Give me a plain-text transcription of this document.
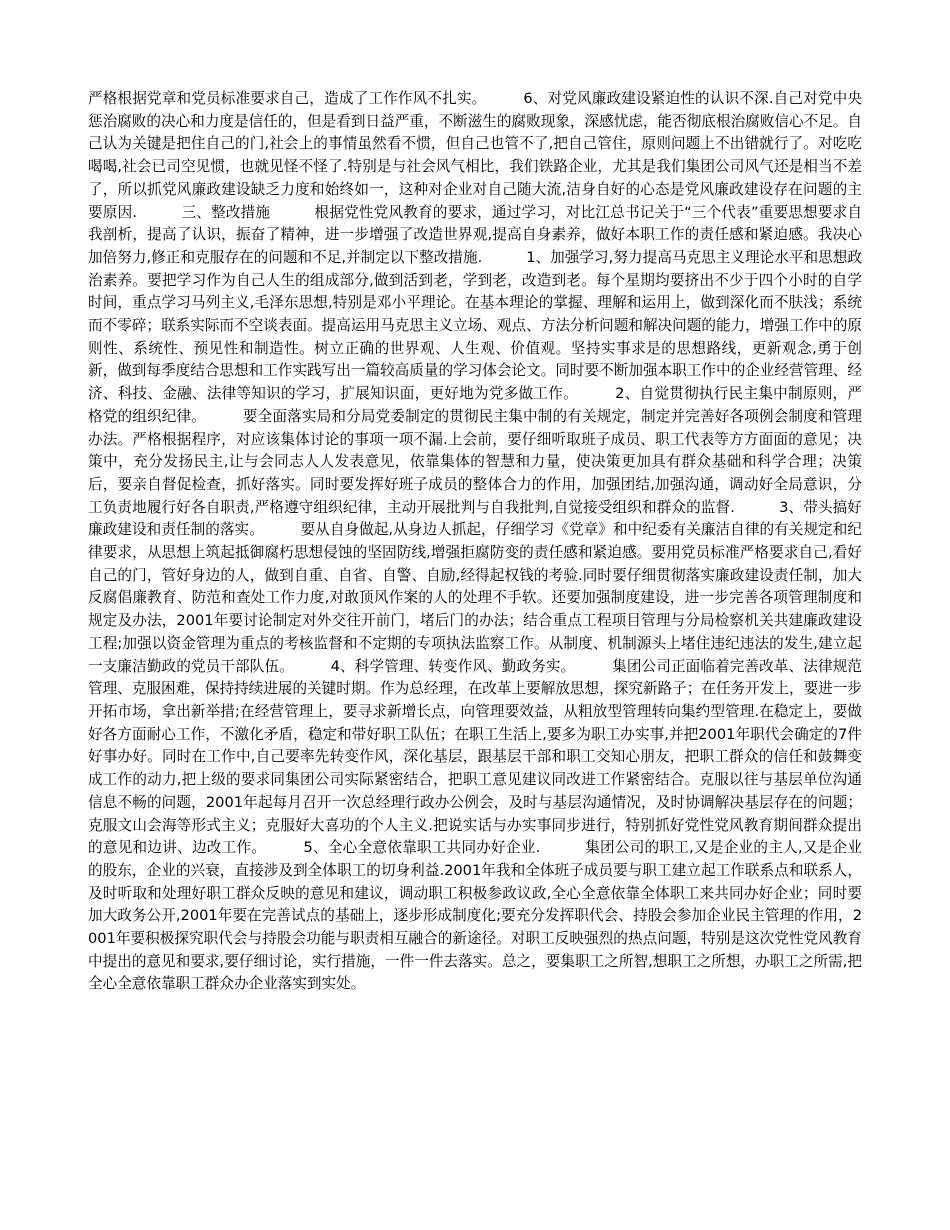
严格根据党章和党员标准要求自己，造成了工作作风不扎实。　　　6、对党风廉政建设紧迫性的认识不深.自己对党中央惩治腐败的决心和力度是信任的，但是看到日益严重，不断滋生的腐败现象，深感忧虑，能否彻底根治腐败信心不足。自己认为关键是把住自己的门,社会上的事情虽然看不惯，但自己也管不了,把自己管住，原则问题上不出错就行了。对吃吃喝喝,社会已司空见惯，也就见怪不怪了.特别是与社会风气相比，我们铁路企业，尤其是我们集团公司风气还是相当不差了，所以抓党风廉政建设缺乏力度和始终如一，这种对企业对自己随大流,洁身自好的心态是党风廉政建设存在问题的主要原因.　　　三、整改措施　　　根据党性党风教育的要求，通过学习，对比江总书记关于“三个代表”重要思想要求自我剖析，提高了认识，振奋了精神，进一步增强了改造世界观,提高自身素养，做好本职工作的责任感和紧迫感。我决心加倍努力,修正和克服存在的问题和不足,并制定以下整改措施.　　　1、加强学习,努力提高马克思主义理论水平和思想政治素养。要把学习作为自己人生的组成部分,做到活到老，学到老，改造到老。每个星期均要挤出不少于四个小时的自学时间，重点学习马列主义,毛泽东思想,特别是邓小平理论。在基本理论的掌握、理解和运用上，做到深化而不肤浅；系统而不零碎；联系实际而不空谈表面。提高运用马克思主义立场、观点、方法分析问题和解决问题的能力，增强工作中的原则性、系统性、预见性和制造性。树立正确的世界观、人生观、价值观。坚持实事求是的思想路线，更新观念,勇于创新，做到每季度结合思想和工作实践写出一篇较高质量的学习体会论文。同时要不断加强本职工作中的企业经营管理、经济、科技、金融、法律等知识的学习，扩展知识面，更好地为党多做工作。　　　2、自觉贯彻执行民主集中制原则，严格党的组织纪律。　　　要全面落实局和分局党委制定的贯彻民主集中制的有关规定，制定并完善好各项例会制度和管理办法。严格根据程序，对应该集体讨论的事项一项不漏.上会前，要仔细听取班子成员、职工代表等方方面面的意见；决策中，充分发扬民主,让与会同志人人发表意见，依靠集体的智慧和力量，使决策更加具有群众基础和科学合理；决策后，要亲自督促检查，抓好落实。同时要发挥好班子成员的整体合力的作用，加强团结,加强沟通，调动好全局意识，分工负责地履行好各自职责,严格遵守组织纪律，主动开展批判与自我批判,自觉接受组织和群众的监督.　　　3、带头搞好廉政建设和责任制的落实。　　　要从自身做起,从身边人抓起，仔细学习《党章》和中纪委有关廉洁自律的有关规定和纪律要求，从思想上筑起抵御腐朽思想侵蚀的坚固防线,增强拒腐防变的责任感和紧迫感。要用党员标准严格要求自己,看好自己的门，管好身边的人，做到自重、自省、自警、自励,经得起权钱的考验.同时要仔细贯彻落实廉政建设责任制，加大反腐倡廉教育、防范和查处工作力度,对敢顶风作案的人的处理不手软。还要加强制度建设，进一步完善各项管理制度和规定及办法，2001年要讨论制定对外交往开前门，堵后门的办法；结合重点工程项目管理与分局检察机关共建廉政建设工程;加强以资金管理为重点的考核监督和不定期的专项执法监察工作。从制度、机制源头上堵住违纪违法的发生,建立起一支廉洁勤政的党员干部队伍。　　　4、科学管理、转变作风、勤政务实。　　　集团公司正面临着完善改革、法律规范管理、克服困难，保持持续进展的关键时期。作为总经理，在改革上要解放思想，探究新路子；在任务开发上，要进一步开拓市场，拿出新举措;在经营管理上，要寻求新增长点，向管理要效益，从粗放型管理转向集约型管理.在稳定上，要做好各方面耐心工作，不激化矛盾，稳定和带好职工队伍；在职工生活上,要多为职工办实事,并把2001年职代会确定的7件好事办好。同时在工作中,自己要率先转变作风，深化基层，跟基层干部和职工交知心朋友，把职工群众的信任和鼓舞变成工作的动力,把上级的要求同集团公司实际紧密结合，把职工意见建议同改进工作紧密结合。克服以往与基层单位沟通信息不畅的问题，2001年起每月召开一次总经理行政办公例会，及时与基层沟通情况，及时协调解决基层存在的问题；克服文山会海等形式主义；克服好大喜功的个人主义.把说实话与办实事同步进行，特别抓好党性党风教育期间群众提出的意见和边讲、边改工作。　　　5、全心全意依靠职工共同办好企业.　　　集团公司的职工,又是企业的主人,又是企业的股东，企业的兴衰，直接涉及到全体职工的切身利益.2001年我和全体班子成员要与职工建立起工作联系点和联系人，及时听取和处理好职工群众反映的意见和建议，调动职工积极参政议政,全心全意依靠全体职工来共同办好企业；同时要加大政务公开,2001年要在完善试点的基础上，逐步形成制度化;要充分发挥职代会、持股会参加企业民主管理的作用，2001年要积极探究职代会与持股会功能与职责相互融合的新途径。对职工反映强烈的热点问题，特别是这次党性党风教育中提出的意见和要求,要仔细讨论，实行措施，一件一件去落实。总之，要集职工之所智,想职工之所想，办职工之所需,把全心全意依靠职工群众办企业落实到实处。
